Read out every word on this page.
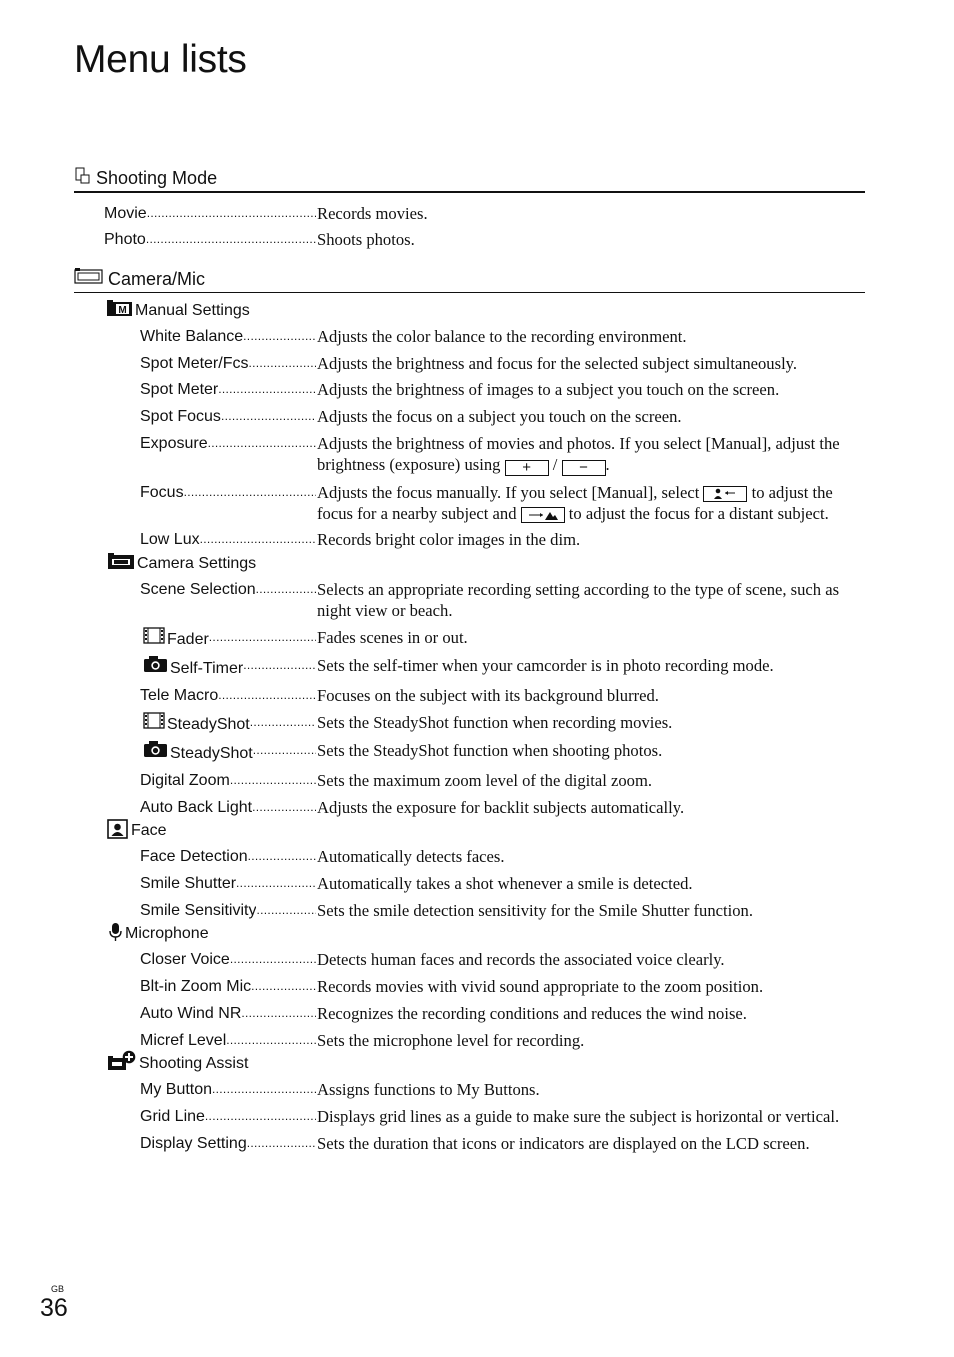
Menu lists
Shooting Mode
Movie .....	Records movies.
Photo .....	Shoots photos.
Camera/Mic
M Manual Settings
White Balance .....	Adjusts the color balance to the recording environment.
Spot Meter/Fcs .....	Adjusts the brightness and focus for the selected subject simultaneously.
Spot Meter .....	Adjusts the brightness of images to a subject you touch on the screen.
Spot Focus .....	Adjusts the focus on a subject you touch on the screen.
Exposure .....	Adjusts the brightness of movies and photos. If you select [Manual], adjust the brightness (exposure) using + / − .
Focus .....	Adjusts the focus manually. If you select [Manual], select	to adjust the focus for a nearby subject and	to adjust the focus for a distant subject.
Low Lux .....	Records bright color images in the dim.
Camera Settings
Scene Selection .....	Selects an appropriate recording setting according to the type of scene, such as night view or beach.
Fader .....	Fades scenes in or out.
Self-Timer .....	Sets the self-timer when your camcorder is in photo recording mode.
Tele Macro .....	Focuses on the subject with its background blurred.
SteadyShot .....	Sets the SteadyShot function when recording movies.
SteadyShot .....	Sets the SteadyShot function when shooting photos.
Digital Zoom .....	Sets the maximum zoom level of the digital zoom.
Auto Back Light .....	Adjusts the exposure for backlit subjects automatically.
Face
Face Detection .....	Automatically detects faces.
Smile Shutter .....	Automatically takes a shot whenever a smile is detected.
Smile Sensitivity .....	Sets the smile detection sensitivity for the Smile Shutter function.
Microphone
Closer Voice .....	Detects human faces and records the associated voice clearly.
Blt-in Zoom Mic .....	Records movies with vivid sound appropriate to the zoom position.
Auto Wind NR .....	Recognizes the recording conditions and reduces the wind noise.
Micref Level .....	Sets the microphone level for recording.
Shooting Assist
My Button .....	Assigns functions to My Buttons.
Grid Line .....	Displays grid lines as a guide to make sure the subject is horizontal or vertical.
Display Setting .....	Sets the duration that icons or indicators are displayed on the LCD screen.
GB
36
